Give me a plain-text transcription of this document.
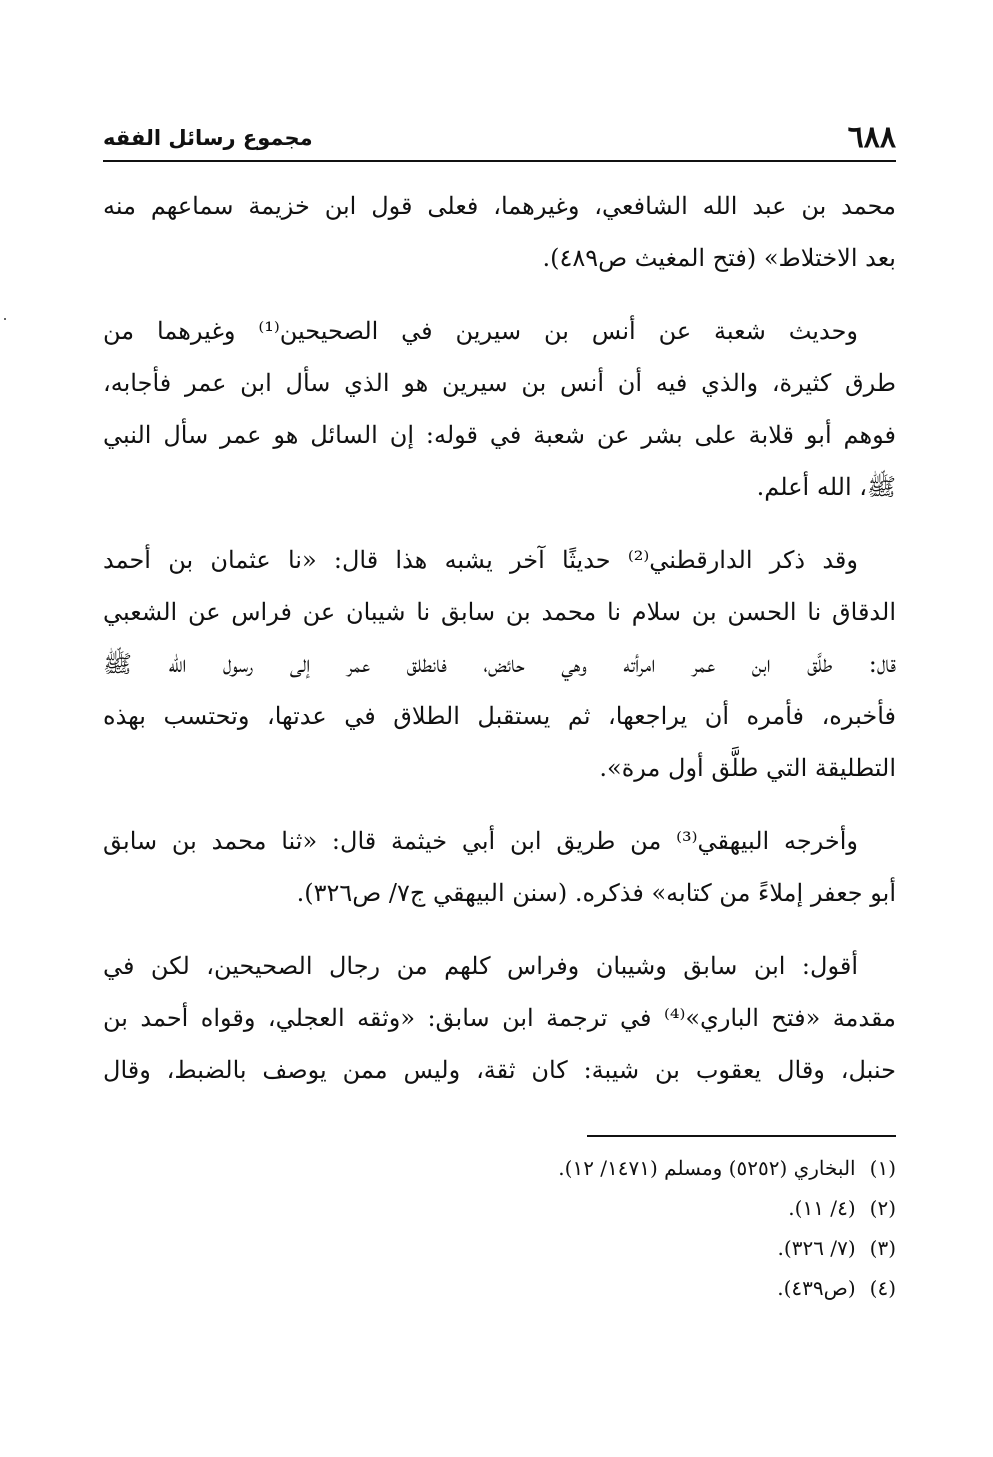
٦٨٨
مجموع رسائل الفقه

محمد بن عبد الله الشافعي، وغيرهما، فعلى قول ابن خزيمة سماعهم منه
بعد الاختلاط» (فتح المغيث ص٤٨٩).

وحديث شعبة عن أنس بن سيرين في الصحيحين⁽¹⁾ وغيرهما من
طرق كثيرة، والذي فيه أن أنس بن سيرين هو الذي سأل ابن عمر فأجابه،
فوهم أبو قلابة على بشر عن شعبة في قوله: إن السائل هو عمر سأل النبي
ﷺ، الله أعلم.

وقد ذكر الدارقطني⁽²⁾ حديثًا آخر يشبه هذا قال: «نا عثمان بن أحمد
الدقاق نا الحسن بن سلام نا محمد بن سابق نا شيبان عن فراس عن الشعبي
قال: طلَّق ابن عمر امرأته وهي حائض، فانطلق عمر إلى رسول الله ﷺ
فأخبره، فأمره أن يراجعها، ثم يستقبل الطلاق في عدتها، وتحتسب بهذه
التطليقة التي طلَّق أول مرة».

وأخرجه البيهقي⁽³⁾ من طريق ابن أبي خيثمة قال: «ثنا محمد بن سابق
أبو جعفر إملاءً من كتابه» فذكره. (سنن البيهقي ج٧/ ص٣٢٦).

أقول: ابن سابق وشيبان وفراس كلهم من رجال الصحيحين، لكن في
مقدمة «فتح الباري»⁽⁴⁾ في ترجمة ابن سابق: «وثقه العجلي، وقواه أحمد بن
حنبل، وقال يعقوب بن شيبة: كان ثقة، وليس ممن يوصف بالضبط، وقال

(١)البخاري (٥٢٥٢) ومسلم (١٤٧١/ ١٢).
(٢)(٤/ ١١).
(٣)(٧/ ٣٢٦).
(٤)(ص٤٣٩).
